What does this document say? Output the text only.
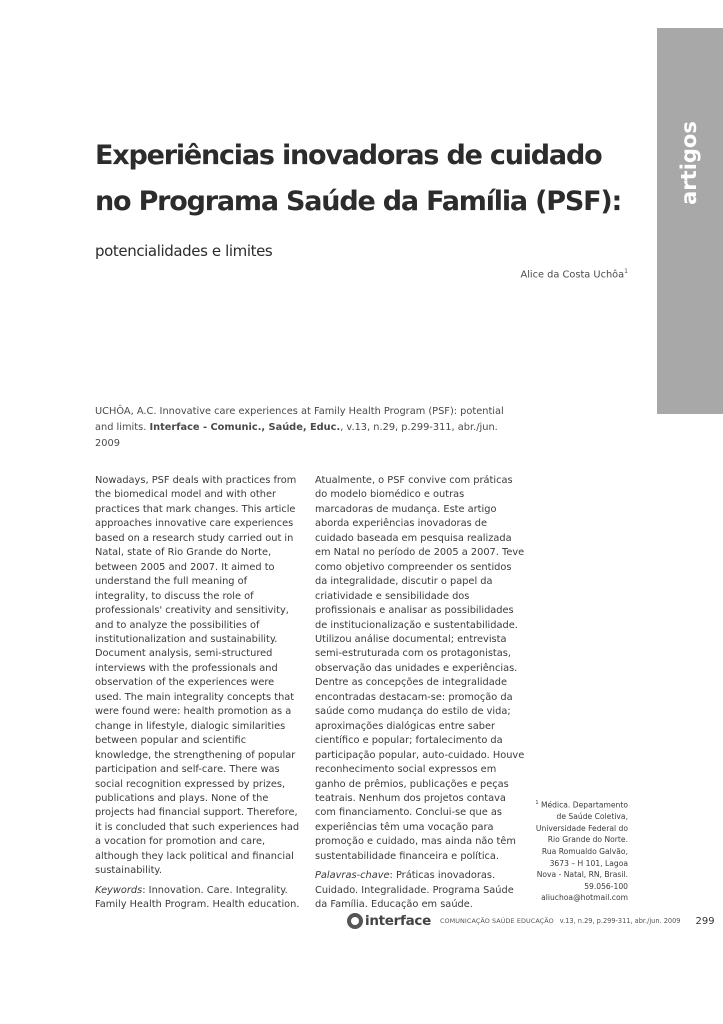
artigos
Experiências inovadoras de cuidado no Programa Saúde da Família (PSF): potencialidades e limites
Alice da Costa Uchôa$^1$
UCHÔA, A.C. Innovative care experiences at Family Health Program (PSF): potential and limits. Interface - Comunic., Saúde, Educ., v.13, n.29, p.299-311, abr./jun. 2009

Nowadays, PSF deals with practices from the biomedical model and with other practices that mark changes. This article approaches innovative care experiences based on a research study carried out in Natal, state of Rio Grande do Norte, between 2005 and 2007. It aimed to understand the full meaning of integrality, to discuss the role of professionals' creativity and sensitivity, and to analyze the possibilities of institutionalization and sustainability. Document analysis, semi-structured interviews with the professionals and observation of the experiences were used. The main integrality concepts that were found were: health promotion as a change in lifestyle, dialogic similarities between popular and scientific knowledge, the strengthening of popular participation and self-care. There was social recognition expressed by prizes, publications and plays. None of the projects had financial support. Therefore, it is concluded that such experiences had a vocation for promotion and care, although they lack political and financial sustainability.

Keywords: Innovation. Care. Integrality. Family Health Program. Health education.

Atualmente, o PSF convive com práticas do modelo biomédico e outras marcadoras de mudança. Este artigo aborda experiências inovadoras de cuidado baseada em pesquisa realizada em Natal no período de 2005 a 2007. Teve como objetivo compreender os sentidos da integralidade, discutir o papel da criatividade e sensibilidade dos profissionais e analisar as possibilidades de institucionalização e sustentabilidade. Utilizou análise documental; entrevista semi-estruturada com os protagonistas, observação das unidades e experiências. Dentre as concepções de integralidade encontradas destacam-se: promoção da saúde como mudança do estilo de vida; aproximações dialógicas entre saber científico e popular; fortalecimento da participação popular, auto-cuidado. Houve reconhecimento social expressos em ganho de prêmios, publicações e peças teatrais. Nenhum dos projetos contava com financiamento. Conclui-se que as experiências têm uma vocação para promoção e cuidado, mas ainda não têm sustentabilidade financeira e política.

Palavras-chave: Práticas inovadoras. Cuidado. Integralidade. Programa Saúde da Família. Educação em saúde.

$^1$ Médica. Departamento
de Saúde Coletiva,
Universidade Federal do
Rio Grande do Norte.
Rua Romualdo Galvão,
3673 – H 101, Lagoa
Nova - Natal, RN, Brasil.
59.056-100
aliuchoa@hotmail.com
interface COMUNICAÇÃO SAÚDE EDUCAÇÃO v.13, n.29, p.299-311, abr./jun. 2009 299
